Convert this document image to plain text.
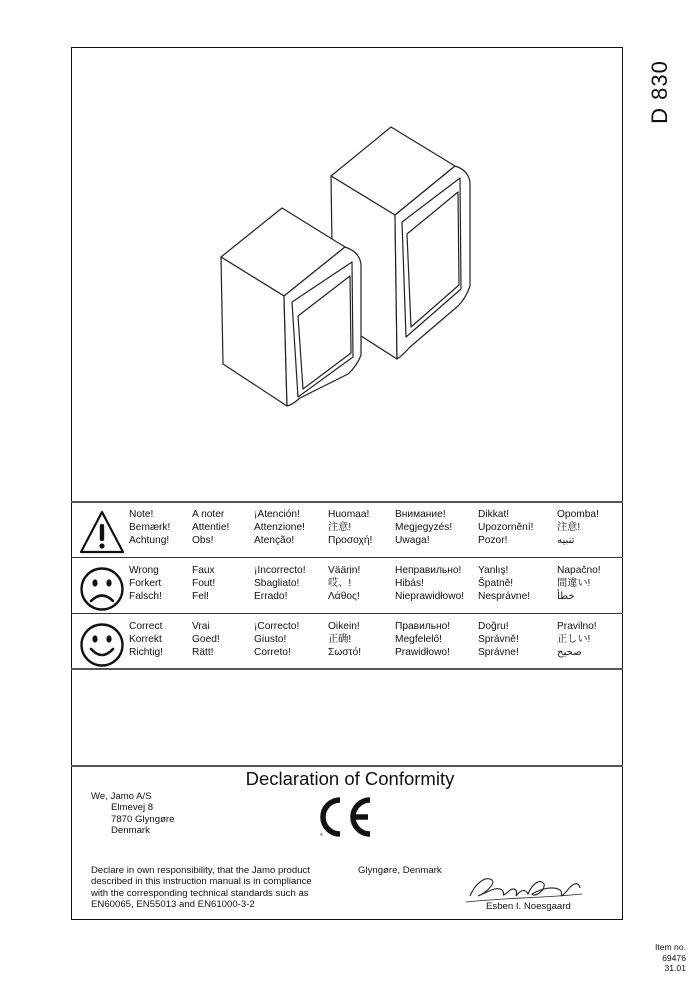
D 830
Note!
Bemærk!
Achtung!
A noter
Attentie!
Obs!
¡Atención!
Attenzione!
Atenção!
Huomaa!
注意!
Προσοχή!
Внимание!
Megjegyzés!
Uwaga!
Dikkat!
Upozornění!
Pozor!
Opomba!
注意!
تنبيه
Wrong
Forkert
Falsch!
Faux
Fout!
Fel!
¡Incorrecto!
Sbagliato!
Errado!
Väärin!
哎、!
Λάθος!
Неправильно!
Hibás!
Nieprawidłowo!
Yanlış!
Špatně!
Nesprávne!
Napačno!
間違い!
خطأ
Correct
Korrekt
Richtig!
Vrai
Goed!
Rätt!
¡Correcto!
Giusto!
Correto!
Oikein!
正确!
Σωστό!
Правильно!
Megfelelő!
Prawidłowo!
Doğru!
Správně!
Správne!
Pravilno!
正しい!
صحيح
Declaration of Conformity
We, Jamo A/S
Elmevej 8
7870 Glyngøre
Denmark	®
Declare in own responsibility, that the Jamo product
described in this instruction manual is in compliance
with the corresponding technical standards such as
EN60065, EN55013 and EN61000-3-2
Glyngøre, Denmark
Esben I. Noesgaard
Item no.
69476
31.01
